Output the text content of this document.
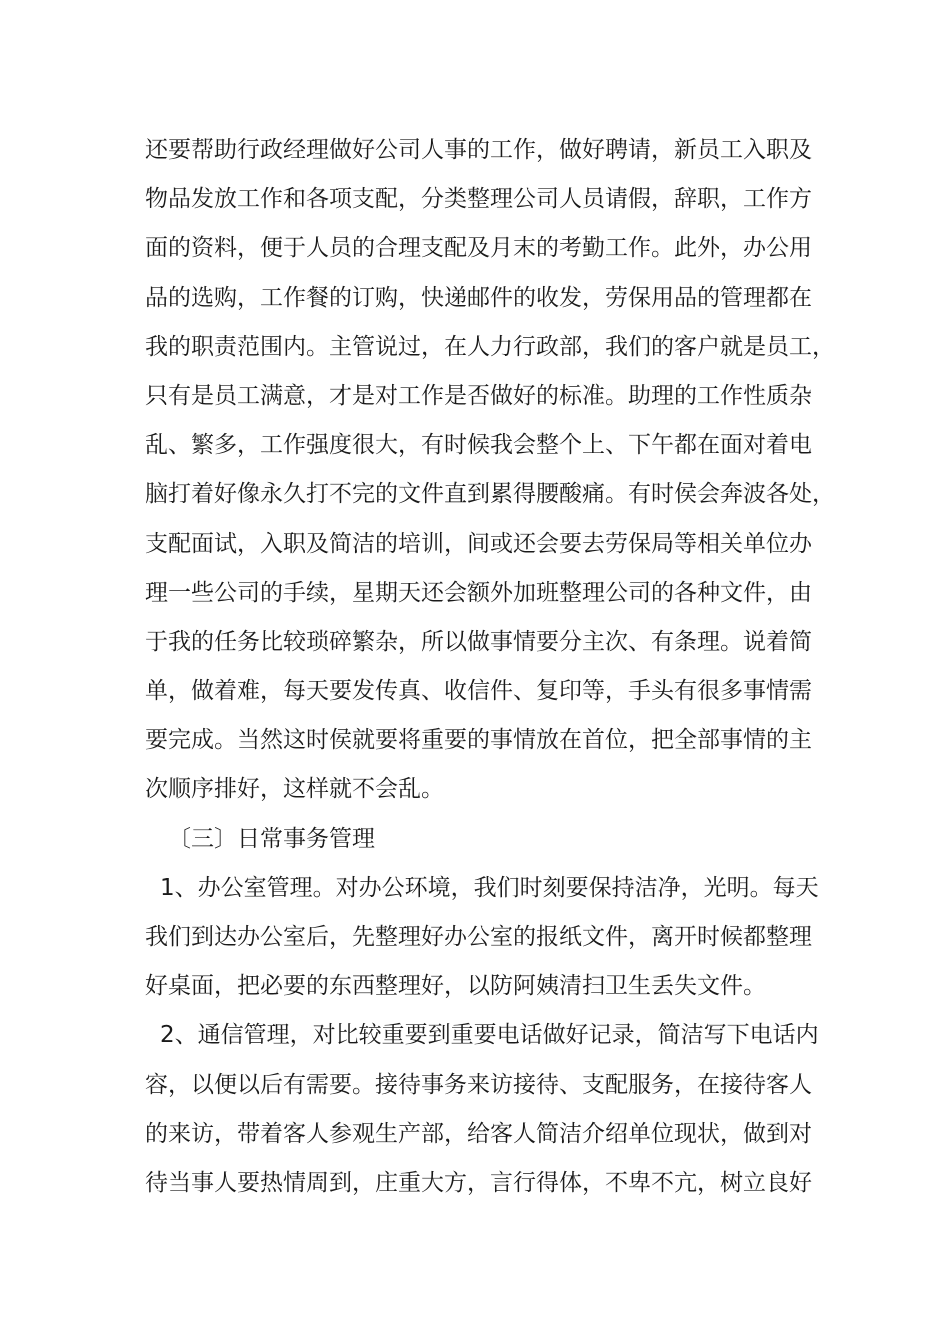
还要帮助行政经理做好公司人事的工作，做好聘请，新员工入职及
物品发放工作和各项支配，分类整理公司人员请假，辞职，工作方
面的资料，便于人员的合理支配及月末的考勤工作。此外，办公用
品的选购，工作餐的订购，快递邮件的收发，劳保用品的管理都在
我的职责范围内。主管说过，在人力行政部，我们的客户就是员工，
只有是员工满意，才是对工作是否做好的标准。助理的工作性质杂
乱、繁多，工作强度很大，有时候我会整个上、下午都在面对着电
脑打着好像永久打不完的文件直到累得腰酸痛。有时侯会奔波各处，
支配面试，入职及简洁的培训，间或还会要去劳保局等相关单位办
理一些公司的手续，星期天还会额外加班整理公司的各种文件，由
于我的任务比较琐碎繁杂，所以做事情要分主次、有条理。说着简
单，做着难，每天要发传真、收信件、复印等，手头有很多事情需
要完成。当然这时侯就要将重要的事情放在首位，把全部事情的主
次顺序排好，这样就不会乱。
〔三〕日常事务管理
1、办公室管理。对办公环境，我们时刻要保持洁净，光明。每天
我们到达办公室后，先整理好办公室的报纸文件，离开时候都整理
好桌面，把必要的东西整理好，以防阿姨清扫卫生丢失文件。
2、通信管理，对比较重要到重要电话做好记录，简洁写下电话内
容，以便以后有需要。接待事务来访接待、支配服务，在接待客人
的来访，带着客人参观生产部，给客人简洁介绍单位现状，做到对
待当事人要热情周到，庄重大方，言行得体，不卑不亢，树立良好
